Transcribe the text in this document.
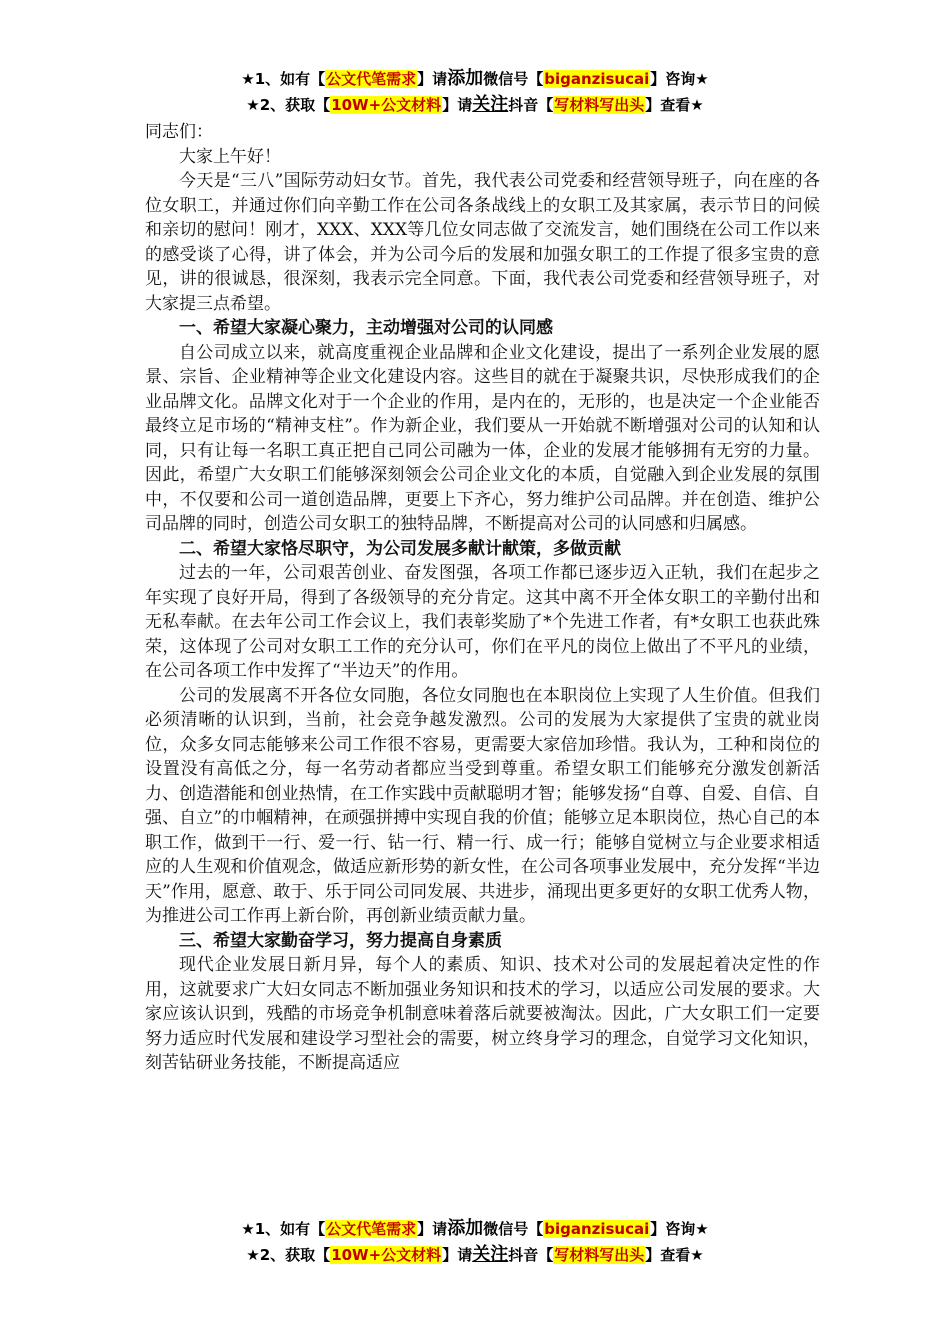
★1、如有【公文代笔需求】请添加微信号【biganzisucai】咨询★
★2、获取【10W+公文材料】请关注抖音【写材料写出头】查看★

同志们：

大家上午好！

今天是“三八”国际劳动妇女节。首先，我代表公司党委和经营领导班子，向在座的各位女职工，并通过你们向辛勤工作在公司各条战线上的女职工及其家属，表示节日的问候和亲切的慰问！刚才，XXX、XXX等几位女同志做了交流发言，她们围绕在公司工作以来的感受谈了心得，讲了体会，并为公司今后的发展和加强女职工的工作提了很多宝贵的意见，讲的很诚恳，很深刻，我表示完全同意。下面，我代表公司党委和经营领导班子，对大家提三点希望。

一、希望大家凝心聚力，主动增强对公司的认同感

自公司成立以来，就高度重视企业品牌和企业文化建设，提出了一系列企业发展的愿景、宗旨、企业精神等企业文化建设内容。这些目的就在于凝聚共识，尽快形成我们的企业品牌文化。品牌文化对于一个企业的作用，是内在的，无形的，也是决定一个企业能否最终立足市场的“精神支柱”。作为新企业，我们要从一开始就不断增强对公司的认知和认同，只有让每一名职工真正把自己同公司融为一体，企业的发展才能够拥有无穷的力量。因此，希望广大女职工们能够深刻领会公司企业文化的本质，自觉融入到企业发展的氛围中，不仅要和公司一道创造品牌，更要上下齐心，努力维护公司品牌。并在创造、维护公司品牌的同时，创造公司女职工的独特品牌，不断提高对公司的认同感和归属感。

二、希望大家恪尽职守，为公司发展多献计献策，多做贡献

过去的一年，公司艰苦创业、奋发图强，各项工作都已逐步迈入正轨，我们在起步之年实现了良好开局，得到了各级领导的充分肯定。这其中离不开全体女职工的辛勤付出和无私奉献。在去年公司工作会议上，我们表彰奖励了*个先进工作者，有*女职工也获此殊荣，这体现了公司对女职工工作的充分认可，你们在平凡的岗位上做出了不平凡的业绩，在公司各项工作中发挥了“半边天”的作用。

公司的发展离不开各位女同胞，各位女同胞也在本职岗位上实现了人生价值。但我们必须清晰的认识到，当前，社会竞争越发激烈。公司的发展为大家提供了宝贵的就业岗位，众多女同志能够来公司工作很不容易，更需要大家倍加珍惜。我认为，工种和岗位的设置没有高低之分，每一名劳动者都应当受到尊重。希望女职工们能够充分激发创新活力、创造潜能和创业热情，在工作实践中贡献聪明才智；能够发扬“自尊、自爱、自信、自强、自立”的巾帼精神，在顽强拼搏中实现自我的价值；能够立足本职岗位，热心自己的本职工作，做到干一行、爱一行、钻一行、精一行、成一行；能够自觉树立与企业要求相适应的人生观和价值观念，做适应新形势的新女性，在公司各项事业发展中，充分发挥“半边天”作用，愿意、敢于、乐于同公司同发展、共进步，涌现出更多更好的女职工优秀人物，为推进公司工作再上新台阶，再创新业绩贡献力量。

三、希望大家勤奋学习，努力提高自身素质

现代企业发展日新月异，每个人的素质、知识、技术对公司的发展起着决定性的作用，这就要求广大妇女同志不断加强业务知识和技术的学习，以适应公司发展的要求。大家应该认识到，残酷的市场竞争机制意味着落后就要被淘汰。因此，广大女职工们一定要努力适应时代发展和建设学习型社会的需要，树立终身学习的理念，自觉学习文化知识，刻苦钻研业务技能，不断提高适应

★1、如有【公文代笔需求】请添加微信号【biganzisucai】咨询★
★2、获取【10W+公文材料】请关注抖音【写材料写出头】查看★
